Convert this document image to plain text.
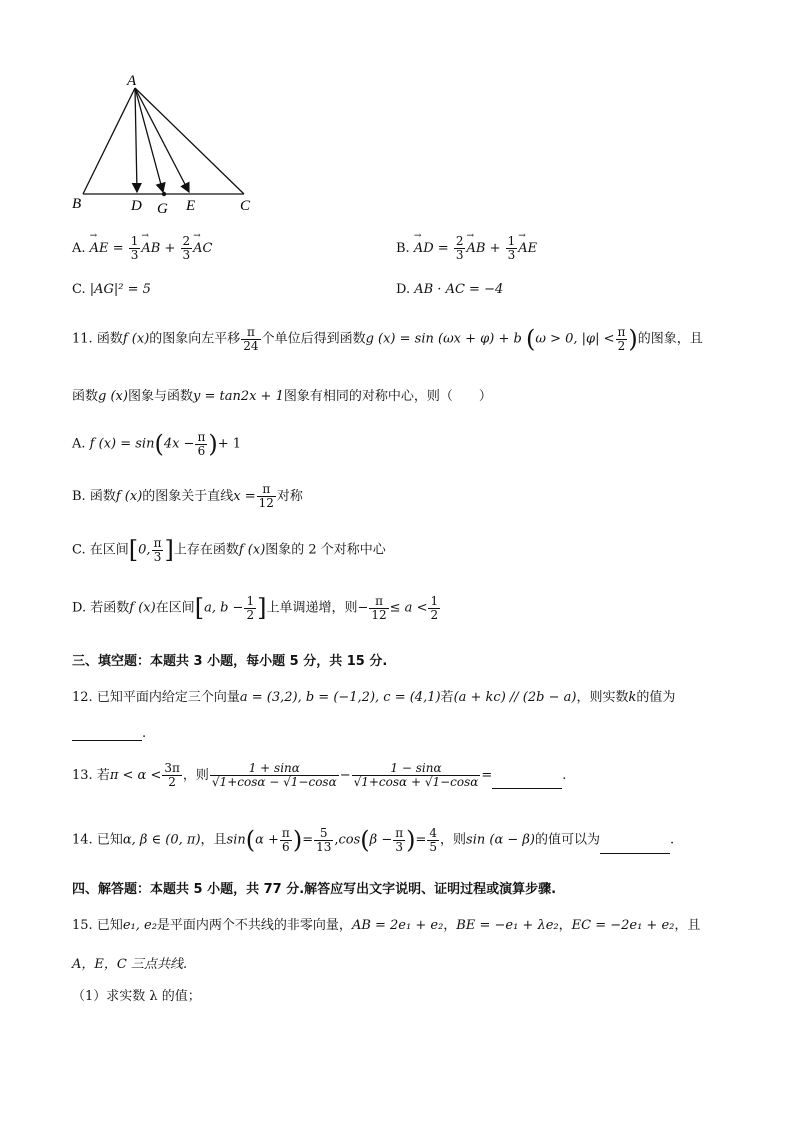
A
B	D G E	C
A. → AE = $\frac{1}{3}$ → AB + $\frac{2}{3}$ → AC	B. → AD = $\frac{2}{3}$ → AB + $\frac{1}{3}$ → AE
C. |AG|² = 5	D. AB · AC = −4
11. 函数f (x)的图象向左平移 $\frac{\pi}{24}$ 个单位后得到函数g (x) = sin (ωx + φ) + b (ω > 0, $|\varphi| < \frac{\pi}{2}$ )的图象，且
函数g (x)图象与函数y = tan2x + 1图象有相同的对称中心，则（　　）
A. f $(x) = \sin(4x - \frac{\pi}{6}$ )+ 1
B. 函数f (x)的图象关于直线$x = \frac{\pi}{12}$ 对称
C. 在区间[0, $\frac{\pi}{3}$ ]上存在函数f (x)图象的 2 个对称中心
D. 若函数f (x)在区间[a, $b - \frac{1}{2}$ ]上单调递增，则− $\frac{\pi}{12} \le a < \frac{1}{2}$
三、填空题：本题共 3 小题，每小题 5 分，共 15 分.
12. 已知平面内给定三个向量a = (3,2), b = (−1,2), c = (4,1)若(a + kc) // (2b − a)，则实数k的值为
.
13. 若$\pi < \alpha < \frac{3\pi}{2}$ ，则 $\frac{1 + \sin\alpha}{√1+\cos\alpha - √1-\cos\alpha} - \frac{1 - \sin\alpha}{√1+\cos\alpha + √1-\cos\alpha}$ =	.
14. 已知α, β ∈ (0, π)，且$\sin(\alpha + \frac{\pi}{6}$ )= $\frac{5}{13} ,\cos(\beta - \frac{\pi}{3}$ )= $\frac{4}{5}$ ，则sin (α − β)的值可以为	.
四、解答题：本题共 5 小题，共 77 分.解答应写出文字说明、证明过程或演算步骤.
15. 已知e₁, e₂是平面内两个不共线的非零向量，AB = 2e₁ + e₂，BE = −e₁ + λe₂，EC = −2e₁ + e₂，且
A，E，C 三点共线.
（1）求实数 λ 的值；
